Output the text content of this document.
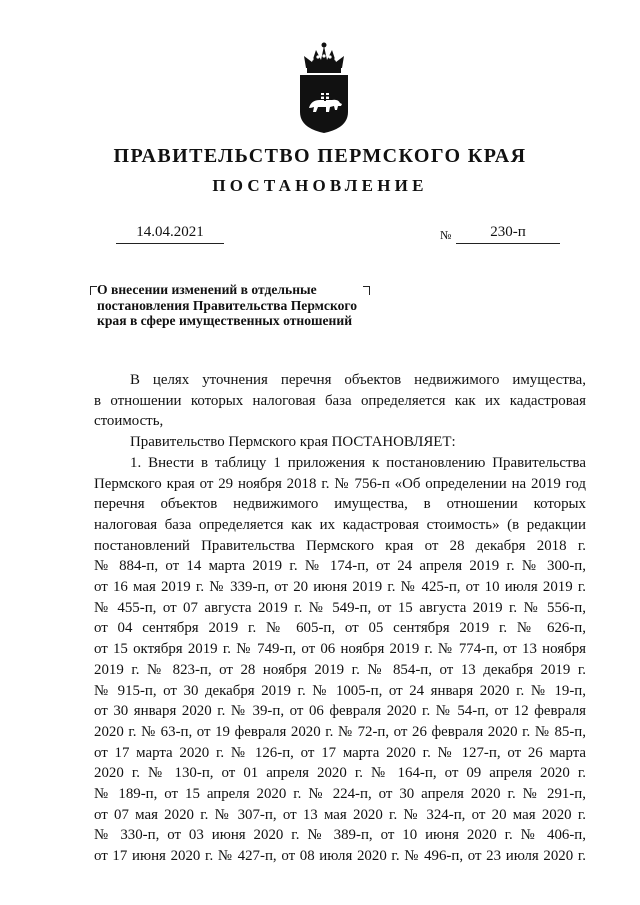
ПРАВИТЕЛЬСТВО ПЕРМСКОГО КРАЯ
ПОСТАНОВЛЕНИЕ
14.04.2021	№	230-п
О внесении изменений в отдельные
постановления Правительства Пермского
края в сфере имущественных отношений
В целях уточнения перечня объектов недвижимого имущества,
в отношении которых налоговая база определяется как их кадастровая
стоимость,
Правительство Пермского края ПОСТАНОВЛЯЕТ:
1. Внести в таблицу 1 приложения к постановлению Правительства
Пермского края от 29 ноября 2018 г. № 756-п «Об определении на 2019 год
перечня объектов недвижимого имущества, в отношении которых
налоговая база определяется как их кадастровая стоимость» (в редакции
постановлений Правительства Пермского края от 28 декабря 2018 г.
№ 884-п, от 14 марта 2019 г. № 174-п, от 24 апреля 2019 г. № 300-п,
от 16 мая 2019 г. № 339-п, от 20 июня 2019 г. № 425-п, от 10 июля 2019 г.
№ 455-п, от 07 августа 2019 г. № 549-п, от 15 августа 2019 г. № 556-п,
от 04 сентября 2019 г. № 605-п, от 05 сентября 2019 г. № 626-п,
от 15 октября 2019 г. № 749-п, от 06 ноября 2019 г. № 774-п, от 13 ноября
2019 г. № 823-п, от 28 ноября 2019 г. № 854-п, от 13 декабря 2019 г.
№ 915-п, от 30 декабря 2019 г. № 1005-п, от 24 января 2020 г. № 19-п,
от 30 января 2020 г. № 39-п, от 06 февраля 2020 г. № 54-п, от 12 февраля
2020 г. № 63-п, от 19 февраля 2020 г. № 72-п, от 26 февраля 2020 г. № 85-п,
от 17 марта 2020 г. № 126-п, от 17 марта 2020 г. № 127-п, от 26 марта
2020 г. № 130-п, от 01 апреля 2020 г. № 164-п, от 09 апреля 2020 г.
№ 189-п, от 15 апреля 2020 г. № 224-п, от 30 апреля 2020 г. № 291-п,
от 07 мая 2020 г. № 307-п, от 13 мая 2020 г. № 324-п, от 20 мая 2020 г.
№ 330-п, от 03 июня 2020 г. № 389-п, от 10 июня 2020 г. № 406-п,
от 17 июня 2020 г. № 427-п, от 08 июля 2020 г. № 496-п, от 23 июля 2020 г.
